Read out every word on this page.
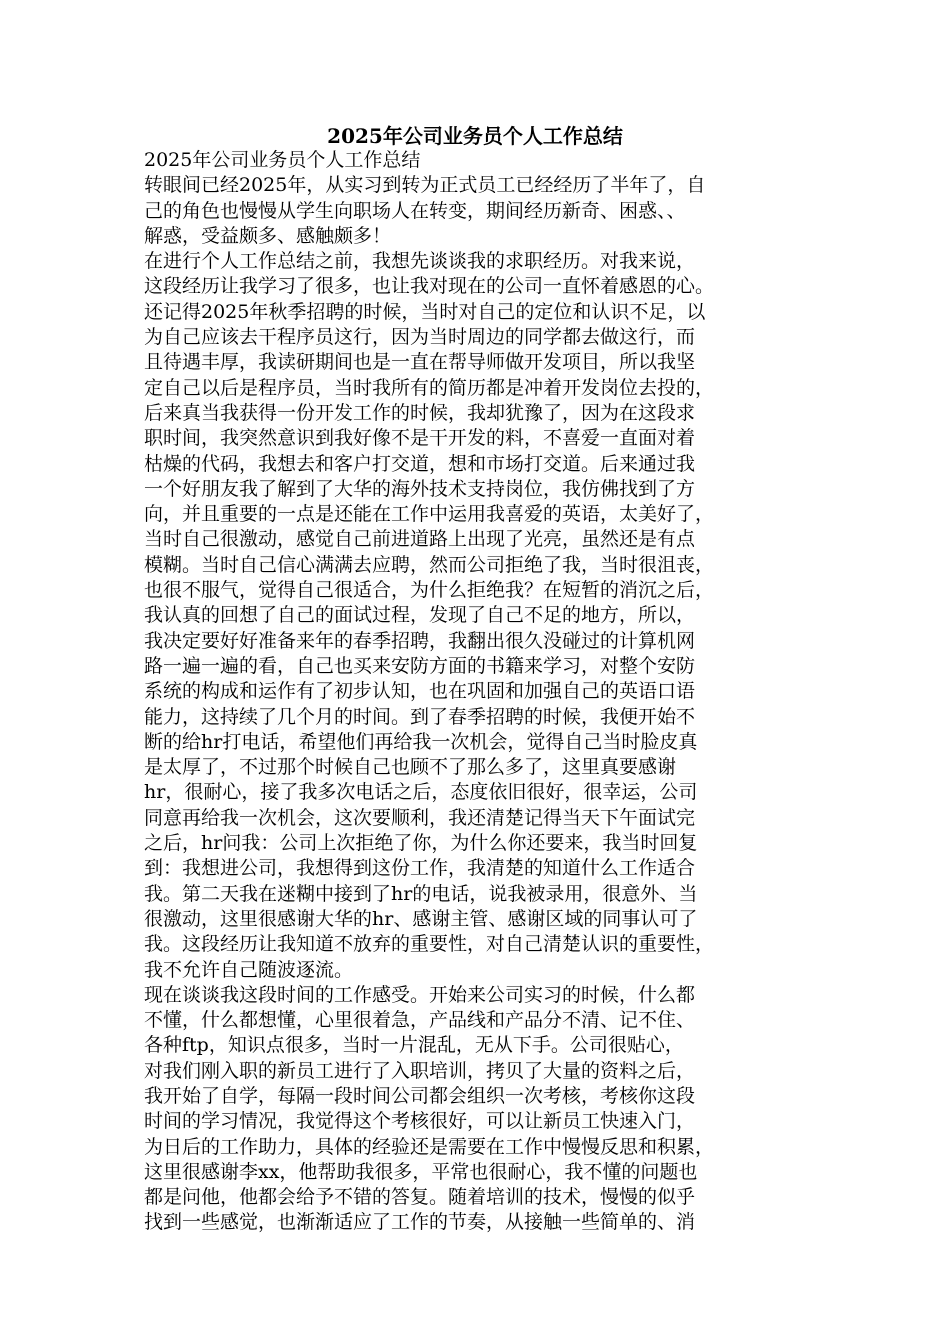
2025年公司业务员个人工作总结
2025年公司业务员个人工作总结
转眼间已经2025年，从实习到转为正式员工已经经历了半年了，自
己的角色也慢慢从学生向职场人在转变，期间经历新奇、困惑、、
解惑，受益颇多、感触颇多！
在进行个人工作总结之前，我想先谈谈我的求职经历。对我来说，
这段经历让我学习了很多，也让我对现在的公司一直怀着感恩的心。
还记得2025年秋季招聘的时候，当时对自己的定位和认识不足，以
为自己应该去干程序员这行，因为当时周边的同学都去做这行，而
且待遇丰厚，我读研期间也是一直在帮导师做开发项目，所以我坚
定自己以后是程序员，当时我所有的简历都是冲着开发岗位去投的，
后来真当我获得一份开发工作的时候，我却犹豫了，因为在这段求
职时间，我突然意识到我好像不是干开发的料，不喜爱一直面对着
枯燥的代码，我想去和客户打交道，想和市场打交道。后来通过我
一个好朋友我了解到了大华的海外技术支持岗位，我仿佛找到了方
向，并且重要的一点是还能在工作中运用我喜爱的英语，太美好了，
当时自己很激动，感觉自己前进道路上出现了光亮，虽然还是有点
模糊。当时自己信心满满去应聘，然而公司拒绝了我，当时很沮丧，
也很不服气，觉得自己很适合，为什么拒绝我？在短暂的消沉之后，
我认真的回想了自己的面试过程，发现了自己不足的地方，所以，
我决定要好好准备来年的春季招聘，我翻出很久没碰过的计算机网
路一遍一遍的看，自己也买来安防方面的书籍来学习，对整个安防
系统的构成和运作有了初步认知，也在巩固和加强自己的英语口语
能力，这持续了几个月的时间。到了春季招聘的时候，我便开始不
断的给hr打电话，希望他们再给我一次机会，觉得自己当时脸皮真
是太厚了，不过那个时候自己也顾不了那么多了，这里真要感谢
hr，很耐心，接了我多次电话之后，态度依旧很好，很幸运，公司
同意再给我一次机会，这次要顺利，我还清楚记得当天下午面试完
之后，hr问我：公司上次拒绝了你，为什么你还要来，我当时回复
到：我想进公司，我想得到这份工作，我清楚的知道什么工作适合
我。第二天我在迷糊中接到了hr的电话，说我被录用，很意外、当
很激动，这里很感谢大华的hr、感谢主管、感谢区域的同事认可了
我。这段经历让我知道不放弃的重要性，对自己清楚认识的重要性，
我不允许自己随波逐流。
现在谈谈我这段时间的工作感受。开始来公司实习的时候，什么都
不懂，什么都想懂，心里很着急，产品线和产品分不清、记不住、
各种ftp，知识点很多，当时一片混乱，无从下手。公司很贴心，
对我们刚入职的新员工进行了入职培训，拷贝了大量的资料之后，
我开始了自学，每隔一段时间公司都会组织一次考核，考核你这段
时间的学习情况，我觉得这个考核很好，可以让新员工快速入门，
为日后的工作助力，具体的经验还是需要在工作中慢慢反思和积累，
这里很感谢李xx，他帮助我很多，平常也很耐心，我不懂的问题也
都是问他，他都会给予不错的答复。随着培训的技术，慢慢的似乎
找到一些感觉，也渐渐适应了工作的节奏，从接触一些简单的、消
